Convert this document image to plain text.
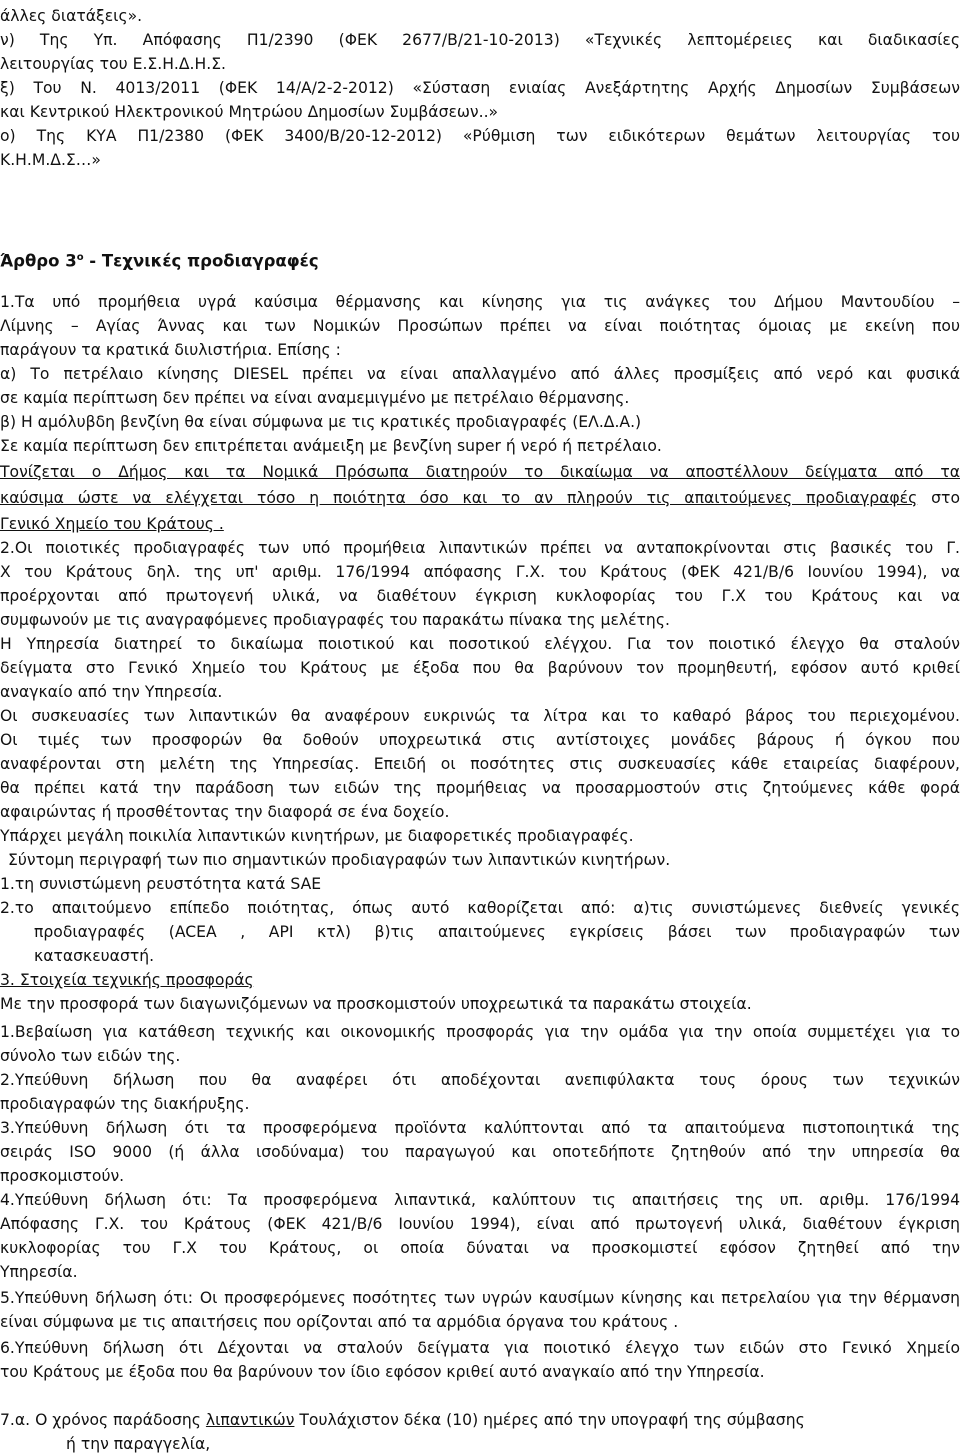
άλλες διατάξεις».
ν) Της Υπ. Απόφασης Π1/2390 (ΦΕΚ 2677/Β/21-10-2013) «Τεχνικές λεπτομέρειες και διαδικασίες
λειτουργίας του Ε.Σ.Η.Δ.Η.Σ.
ξ) Του Ν. 4013/2011 (ΦΕΚ 14/Α/2-2-2012) «Σύσταση ενιαίας Ανεξάρτητης Αρχής Δημοσίων Συμβάσεων
και Κεντρικού Ηλεκτρονικού Μητρώου Δημοσίων Συμβάσεων..»
ο) Της ΚΥΑ Π1/2380 (ΦΕΚ 3400/Β/20-12-2012) «Ρύθμιση των ειδικότερων θεμάτων λειτουργίας του
Κ.Η.Μ.Δ.Σ…»
Άρθρο $3^o$ - Τεχνικές προδιαγραφές
1.Τα υπό προμήθεια υγρά καύσιμα θέρμανσης και κίνησης για τις ανάγκες του Δήμου Μαντουδίου –
Λίμνης – Αγίας Άννας και των Νομικών Προσώπων πρέπει να είναι ποιότητας όμοιας με εκείνη που
παράγουν τα κρατικά διυλιστήρια. Επίσης :
α) Το πετρέλαιο κίνησης DIESEL πρέπει να είναι απαλλαγμένο από άλλες προσμίξεις από νερό και φυσικά
σε καμία περίπτωση δεν πρέπει να είναι αναμεμιγμένο με πετρέλαιο θέρμανσης.
β) Η αμόλυβδη βενζίνη θα είναι σύμφωνα με τις κρατικές προδιαγραφές (ΕΛ.Δ.Α.)
Σε καμία περίπτωση δεν επιτρέπεται ανάμειξη με βενζίνη super ή νερό ή πετρέλαιο.
Τονίζεται ο Δήμος και τα Νομικά Πρόσωπα διατηρούν το δικαίωμα να αποστέλλουν δείγματα από τα
καύσιμα ώστε να ελέγχεται τόσο η ποιότητα όσο και το αν πληρούν τις απαιτούμενες προδιαγραφές στο
Γενικό Χημείο του Κράτους .
2.Οι ποιοτικές προδιαγραφές των υπό προμήθεια λιπαντικών πρέπει να ανταποκρίνονται στις βασικές του Γ.
Χ του Κράτους δηλ. της υπ' αριθμ. 176/1994 απόφασης Γ.Χ. του Κράτους (ΦΕΚ 421/Β/6 Ιουνίου 1994), να
προέρχονται από πρωτογενή υλικά, να διαθέτουν έγκριση κυκλοφορίας του Γ.Χ του Κράτους και να
συμφωνούν με τις αναγραφόμενες προδιαγραφές του παρακάτω πίνακα της μελέτης.
Η Υπηρεσία διατηρεί το δικαίωμα ποιοτικού και ποσοτικού ελέγχου. Για τον ποιοτικό έλεγχο θα σταλούν
δείγματα στο Γενικό Χημείο του Κράτους με έξοδα που θα βαρύνουν τον προμηθευτή, εφόσον αυτό κριθεί
αναγκαίο από την Υπηρεσία.
Οι συσκευασίες των λιπαντικών θα αναφέρουν ευκρινώς τα λίτρα και το καθαρό βάρος του περιεχομένου.
Οι τιμές των προσφορών θα δοθούν υποχρεωτικά στις αντίστοιχες μονάδες βάρους ή όγκου που
αναφέρονται στη μελέτη της Υπηρεσίας. Επειδή οι ποσότητες στις συσκευασίες κάθε εταιρείας διαφέρουν,
θα πρέπει κατά την παράδοση των ειδών της προμήθειας να προσαρμοστούν στις ζητούμενες κάθε φορά
αφαιρώντας ή προσθέτοντας την διαφορά σε ένα δοχείο.
Υπάρχει μεγάλη ποικιλία λιπαντικών κινητήρων, με διαφορετικές προδιαγραφές.
Σύντομη περιγραφή των πιο σημαντικών προδιαγραφών των λιπαντικών κινητήρων.
1.τη συνιστώμενη ρευστότητα κατά SAE
2.το απαιτούμενο επίπεδο ποιότητας, όπως αυτό καθορίζεται από: α)τις συνιστώμενες διεθνείς γενικές
προδιαγραφές (ACEA , API κτλ) β)τις απαιτούμενες εγκρίσεις βάσει των προδιαγραφών των
κατασκευαστή.
3. Στοιχεία τεχνικής προσφοράς
Με την προσφορά των διαγωνιζόμενων να προσκομιστούν υποχρεωτικά τα παρακάτω στοιχεία.
1.Βεβαίωση για κατάθεση τεχνικής και οικονομικής προσφοράς για την ομάδα για την οποία συμμετέχει για το
σύνολο των ειδών της.
2.Υπεύθυνη δήλωση που θα αναφέρει ότι αποδέχονται ανεπιφύλακτα τους όρους των τεχνικών
προδιαγραφών της διακήρυξης.
3.Υπεύθυνη δήλωση ότι τα προσφερόμενα προϊόντα καλύπτονται από τα απαιτούμενα πιστοποιητικά της
σειράς ISO 9000 (ή άλλα ισοδύναμα) του παραγωγού και οποτεδήποτε ζητηθούν από την υπηρεσία θα
προσκομιστούν.
4.Υπεύθυνη δήλωση ότι: Τα προσφερόμενα λιπαντικά, καλύπτουν τις απαιτήσεις της υπ. αριθμ. 176/1994
Απόφασης Γ.Χ. του Κράτους (ΦΕΚ 421/Β/6 Ιουνίου 1994), είναι από πρωτογενή υλικά, διαθέτουν έγκριση
κυκλοφορίας του Γ.Χ του Κράτους, οι οποία δύναται να προσκομιστεί εφόσον ζητηθεί από την
Υπηρεσία.
5.Υπεύθυνη δήλωση ότι: Οι προσφερόμενες ποσότητες των υγρών καυσίμων κίνησης και πετρελαίου για την θέρμανση
είναι σύμφωνα με τις απαιτήσεις που ορίζονται από τα αρμόδια όργανα του κράτους .
6.Υπεύθυνη δήλωση ότι Δέχονται να σταλούν δείγματα για ποιοτικό έλεγχο των ειδών στο Γενικό Χημείο
του Κράτους με έξοδα που θα βαρύνουν τον ίδιο εφόσον κριθεί αυτό αναγκαίο από την Υπηρεσία.
7.α. Ο χρόνος παράδοσης λιπαντικών Τουλάχιστον δέκα (10) ημέρες από την υπογραφή της σύμβασης
ή την παραγγελία,
